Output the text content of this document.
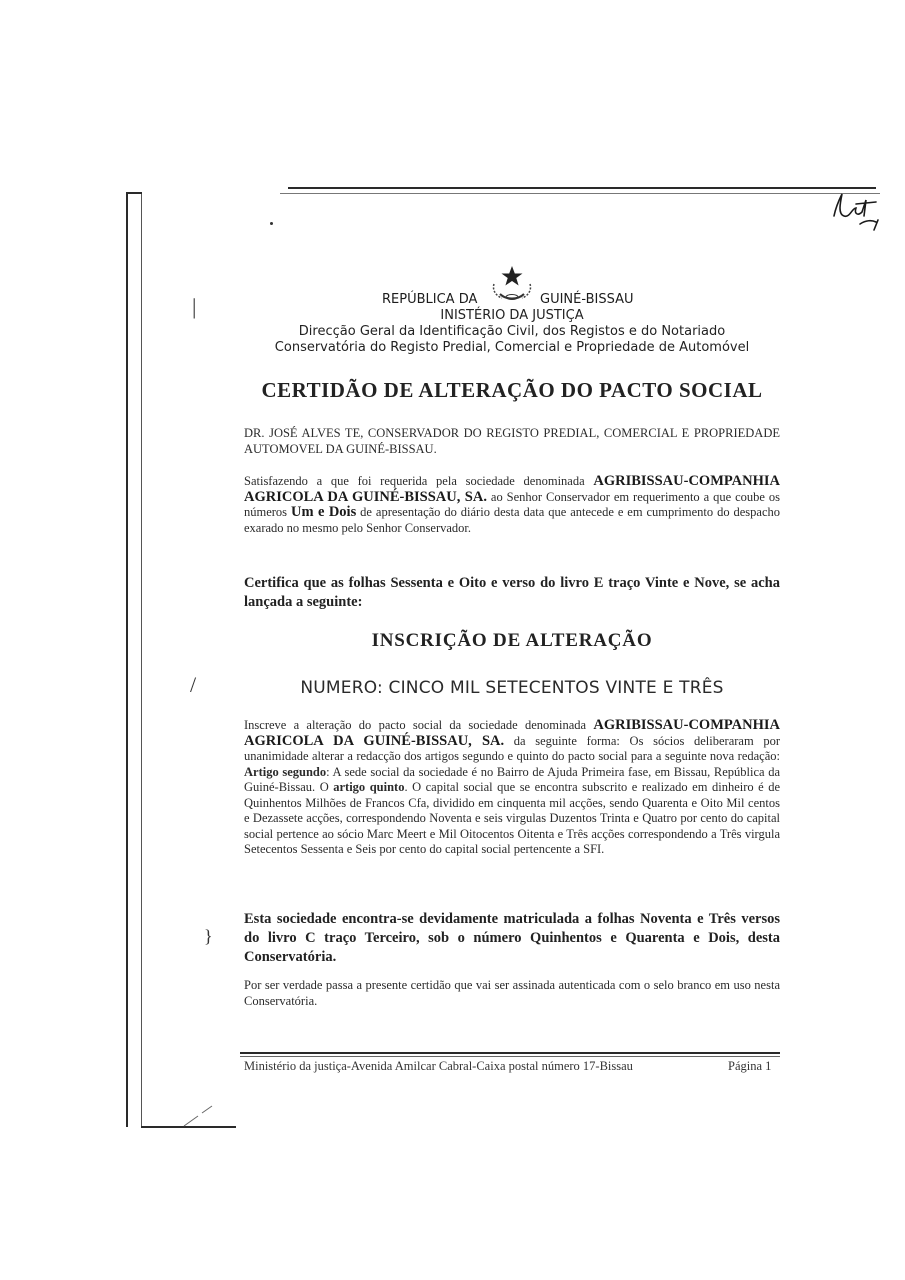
|
/
}
REPÚBLICA DA	GUINÉ-BISSAU
INISTÉRIO DA JUSTIÇA
Direcção Geral da Identificação Civil, dos Registos e do Notariado
Conservatória do Registo Predial, Comercial e Propriedade de Automóvel
CERTIDÃO DE ALTERAÇÃO DO PACTO SOCIAL
DR. JOSÉ ALVES TE, CONSERVADOR DO REGISTO PREDIAL, COMERCIAL E PROPRIEDADE AUTOMOVEL DA GUINÉ-BISSAU.
Satisfazendo a que foi requerida pela sociedade denominada AGRIBISSAU-COMPANHIA AGRICOLA DA GUINÉ-BISSAU, SA. ao Senhor Conservador em requerimento a que coube os números Um e Dois de apresentação do diário desta data que antecede e em cumprimento do despacho exarado no mesmo pelo Senhor Conservador.
Certifica que as folhas Sessenta e Oito e verso do livro E traço Vinte e Nove, se acha lançada a seguinte:
INSCRIÇÃO DE ALTERAÇÃO
NUMERO: CINCO MIL SETECENTOS VINTE E TRÊS
Inscreve a alteração do pacto social da sociedade denominada AGRIBISSAU-COMPANHIA AGRICOLA DA GUINÉ-BISSAU, SA. da seguinte forma: Os sócios deliberaram por unanimidade alterar a redacção dos artigos segundo e quinto do pacto social para a seguinte nova redação: Artigo segundo: A sede social da sociedade é no Bairro de Ajuda Primeira fase, em Bissau, República da Guiné-Bissau. O artigo quinto. O capital social que se encontra subscrito e realizado em dinheiro é de Quinhentos Milhões de Francos Cfa, dividido em cinquenta mil acções, sendo Quarenta e Oito Mil centos e Dezassete acções, correspondendo Noventa e seis virgulas Duzentos Trinta e Quatro por cento do capital social pertence ao sócio Marc Meert e Mil Oitocentos Oitenta e Três acções correspondendo a Três virgula Setecentos Sessenta e Seis por cento do capital social pertencente a SFI.
Esta sociedade encontra-se devidamente matriculada a folhas Noventa e Três versos do livro C traço Terceiro, sob o número Quinhentos e Quarenta e Dois, desta Conservatória.
Por ser verdade passa a presente certidão que vai ser assinada autenticada com o selo branco em uso nesta Conservatória.
Ministério da justiça-Avenida Amilcar Cabral-Caixa postal número 17-Bissau	Página 1
